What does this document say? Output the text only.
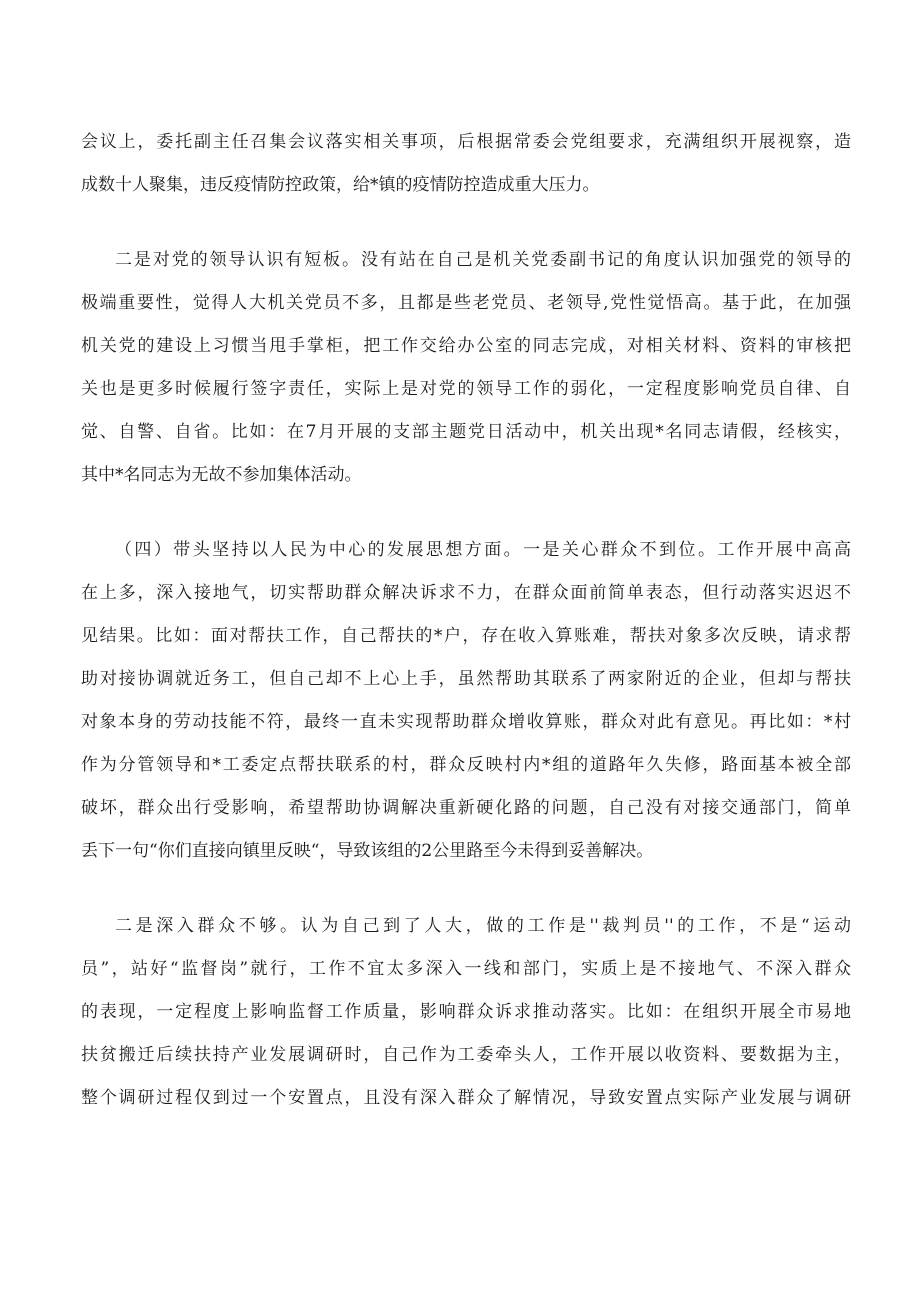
会议上，委托副主任召集会议落实相关事项，后根据常委会党组要求，充满组织开展视察，造
成数十人聚集，违反疫情防控政策，给*镇的疫情防控造成重大压力。

二是对党的领导认识有短板。没有站在自己是机关党委副书记的角度认识加强党的领导的
极端重要性，觉得人大机关党员不多，且都是些老党员、老领导,党性觉悟高。基于此，在加强
机关党的建设上习惯当甩手掌柜，把工作交给办公室的同志完成，对相关材料、资料的审核把
关也是更多时候履行签字责任，实际上是对党的领导工作的弱化，一定程度影响党员自律、自
觉、自警、自省。比如：在7月开展的支部主题党日活动中，机关出现*名同志请假，经核实，
其中*名同志为无故不参加集体活动。

（四）带头坚持以人民为中心的发展思想方面。一是关心群众不到位。工作开展中高高
在上多，深入接地气，切实帮助群众解决诉求不力，在群众面前简单表态，但行动落实迟迟不
见结果。比如：面对帮扶工作，自己帮扶的*户，存在收入算账难，帮扶对象多次反映，请求帮
助对接协调就近务工，但自己却不上心上手，虽然帮助其联系了两家附近的企业，但却与帮扶
对象本身的劳动技能不符，最终一直未实现帮助群众增收算账，群众对此有意见。再比如：*村
作为分管领导和*工委定点帮扶联系的村，群众反映村内*组的道路年久失修，路面基本被全部
破坏，群众出行受影响，希望帮助协调解决重新硬化路的问题，自己没有对接交通部门，简单
丢下一句“你们直接向镇里反映“，导致该组的2公里路至今未得到妥善解决。

二是深入群众不够。认为自己到了人大，做的工作是''裁判员''的工作，不是“运动
员”，站好“监督岗”就行，工作不宜太多深入一线和部门，实质上是不接地气、不深入群众
的表现，一定程度上影响监督工作质量，影响群众诉求推动落实。比如：在组织开展全市易地
扶贫搬迁后续扶持产业发展调研时，自己作为工委牵头人，工作开展以收资料、要数据为主，
整个调研过程仅到过一个安置点，且没有深入群众了解情况，导致安置点实际产业发展与调研
